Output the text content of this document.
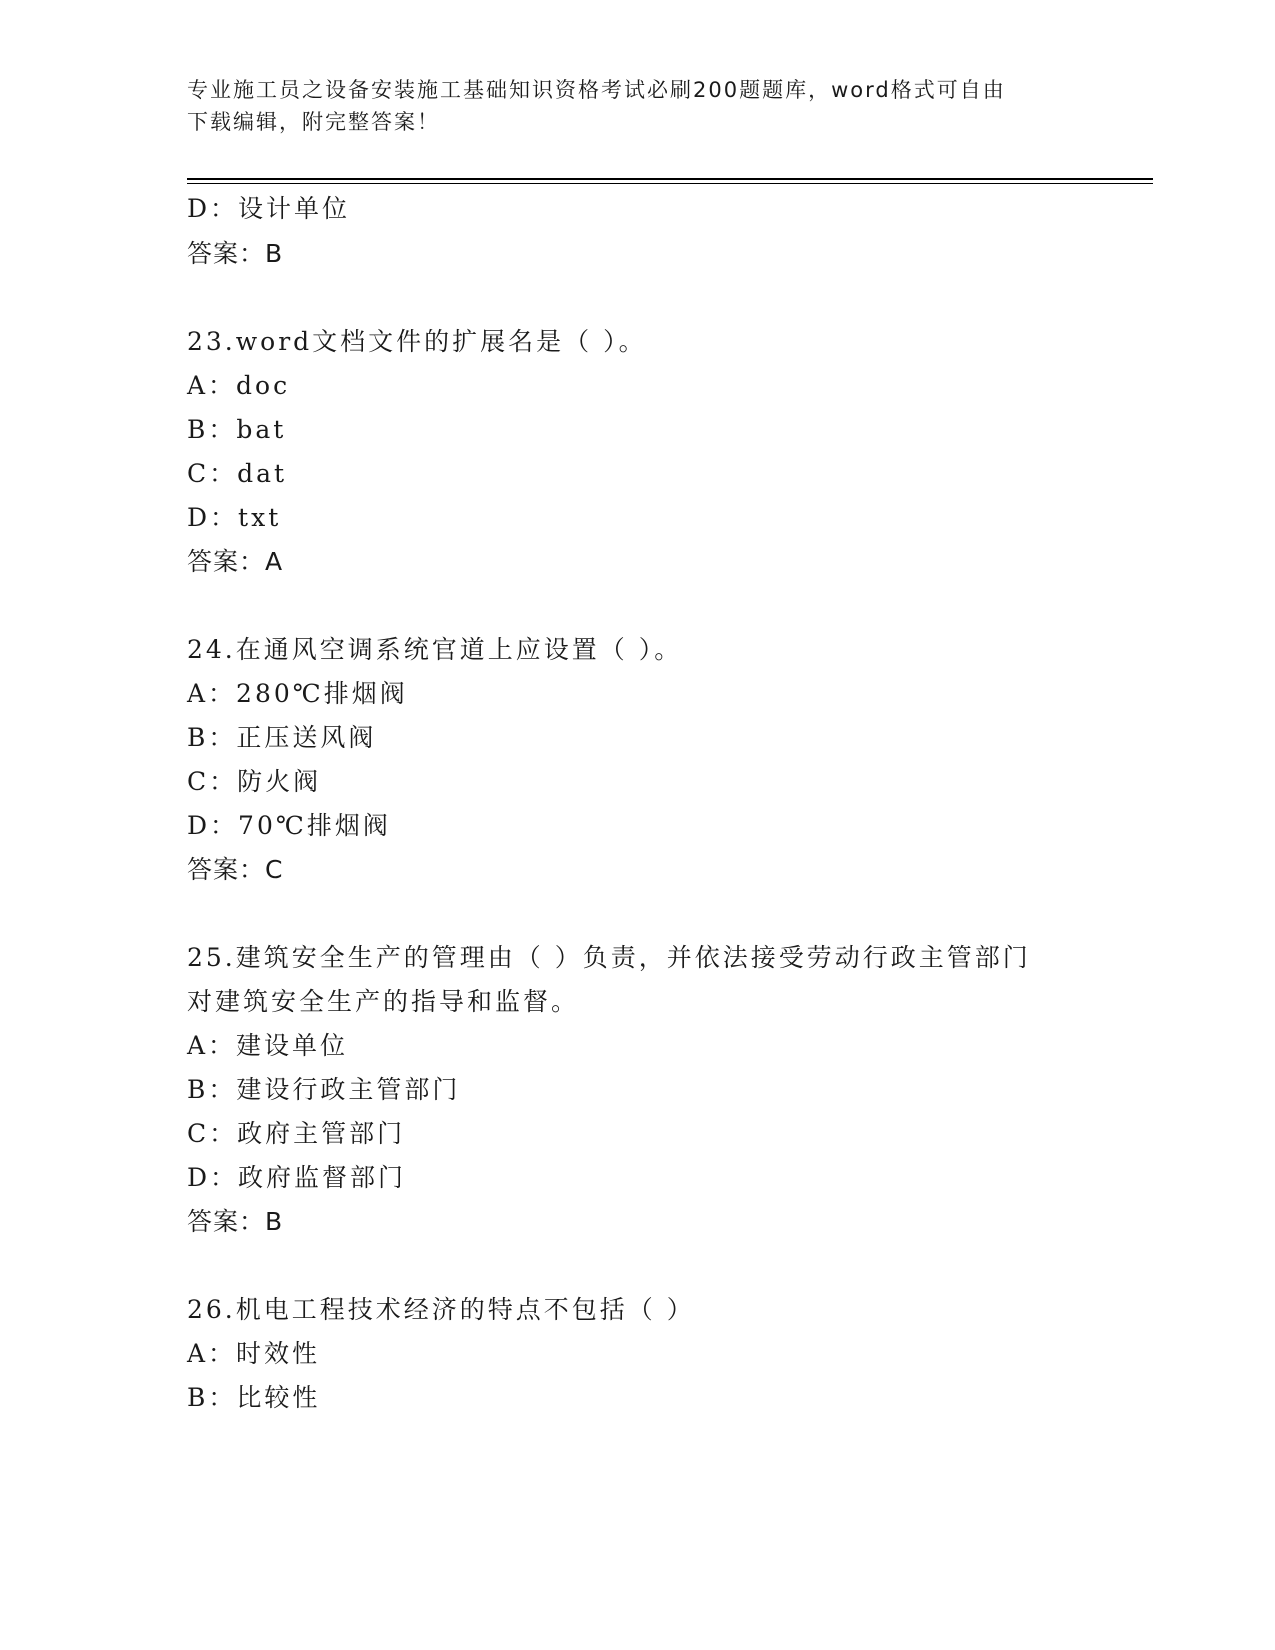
专业施工员之设备安装施工基础知识资格考试必刷200题题库，word格式可自由
下载编辑，附完整答案！
D：设计单位
答案：B
23.word文档文件的扩展名是（ ）。
A：doc
B：bat
C：dat
D：txt
答案：A
24.在通风空调系统官道上应设置（ ）。
A：280℃排烟阀
B：正压送风阀
C：防火阀
D：70℃排烟阀
答案：C
25.建筑安全生产的管理由（ ）负责，并依法接受劳动行政主管部门
对建筑安全生产的指导和监督。
A：建设单位
B：建设行政主管部门
C：政府主管部门
D：政府监督部门
答案：B
26.机电工程技术经济的特点不包括（ ）
A：时效性
B：比较性
